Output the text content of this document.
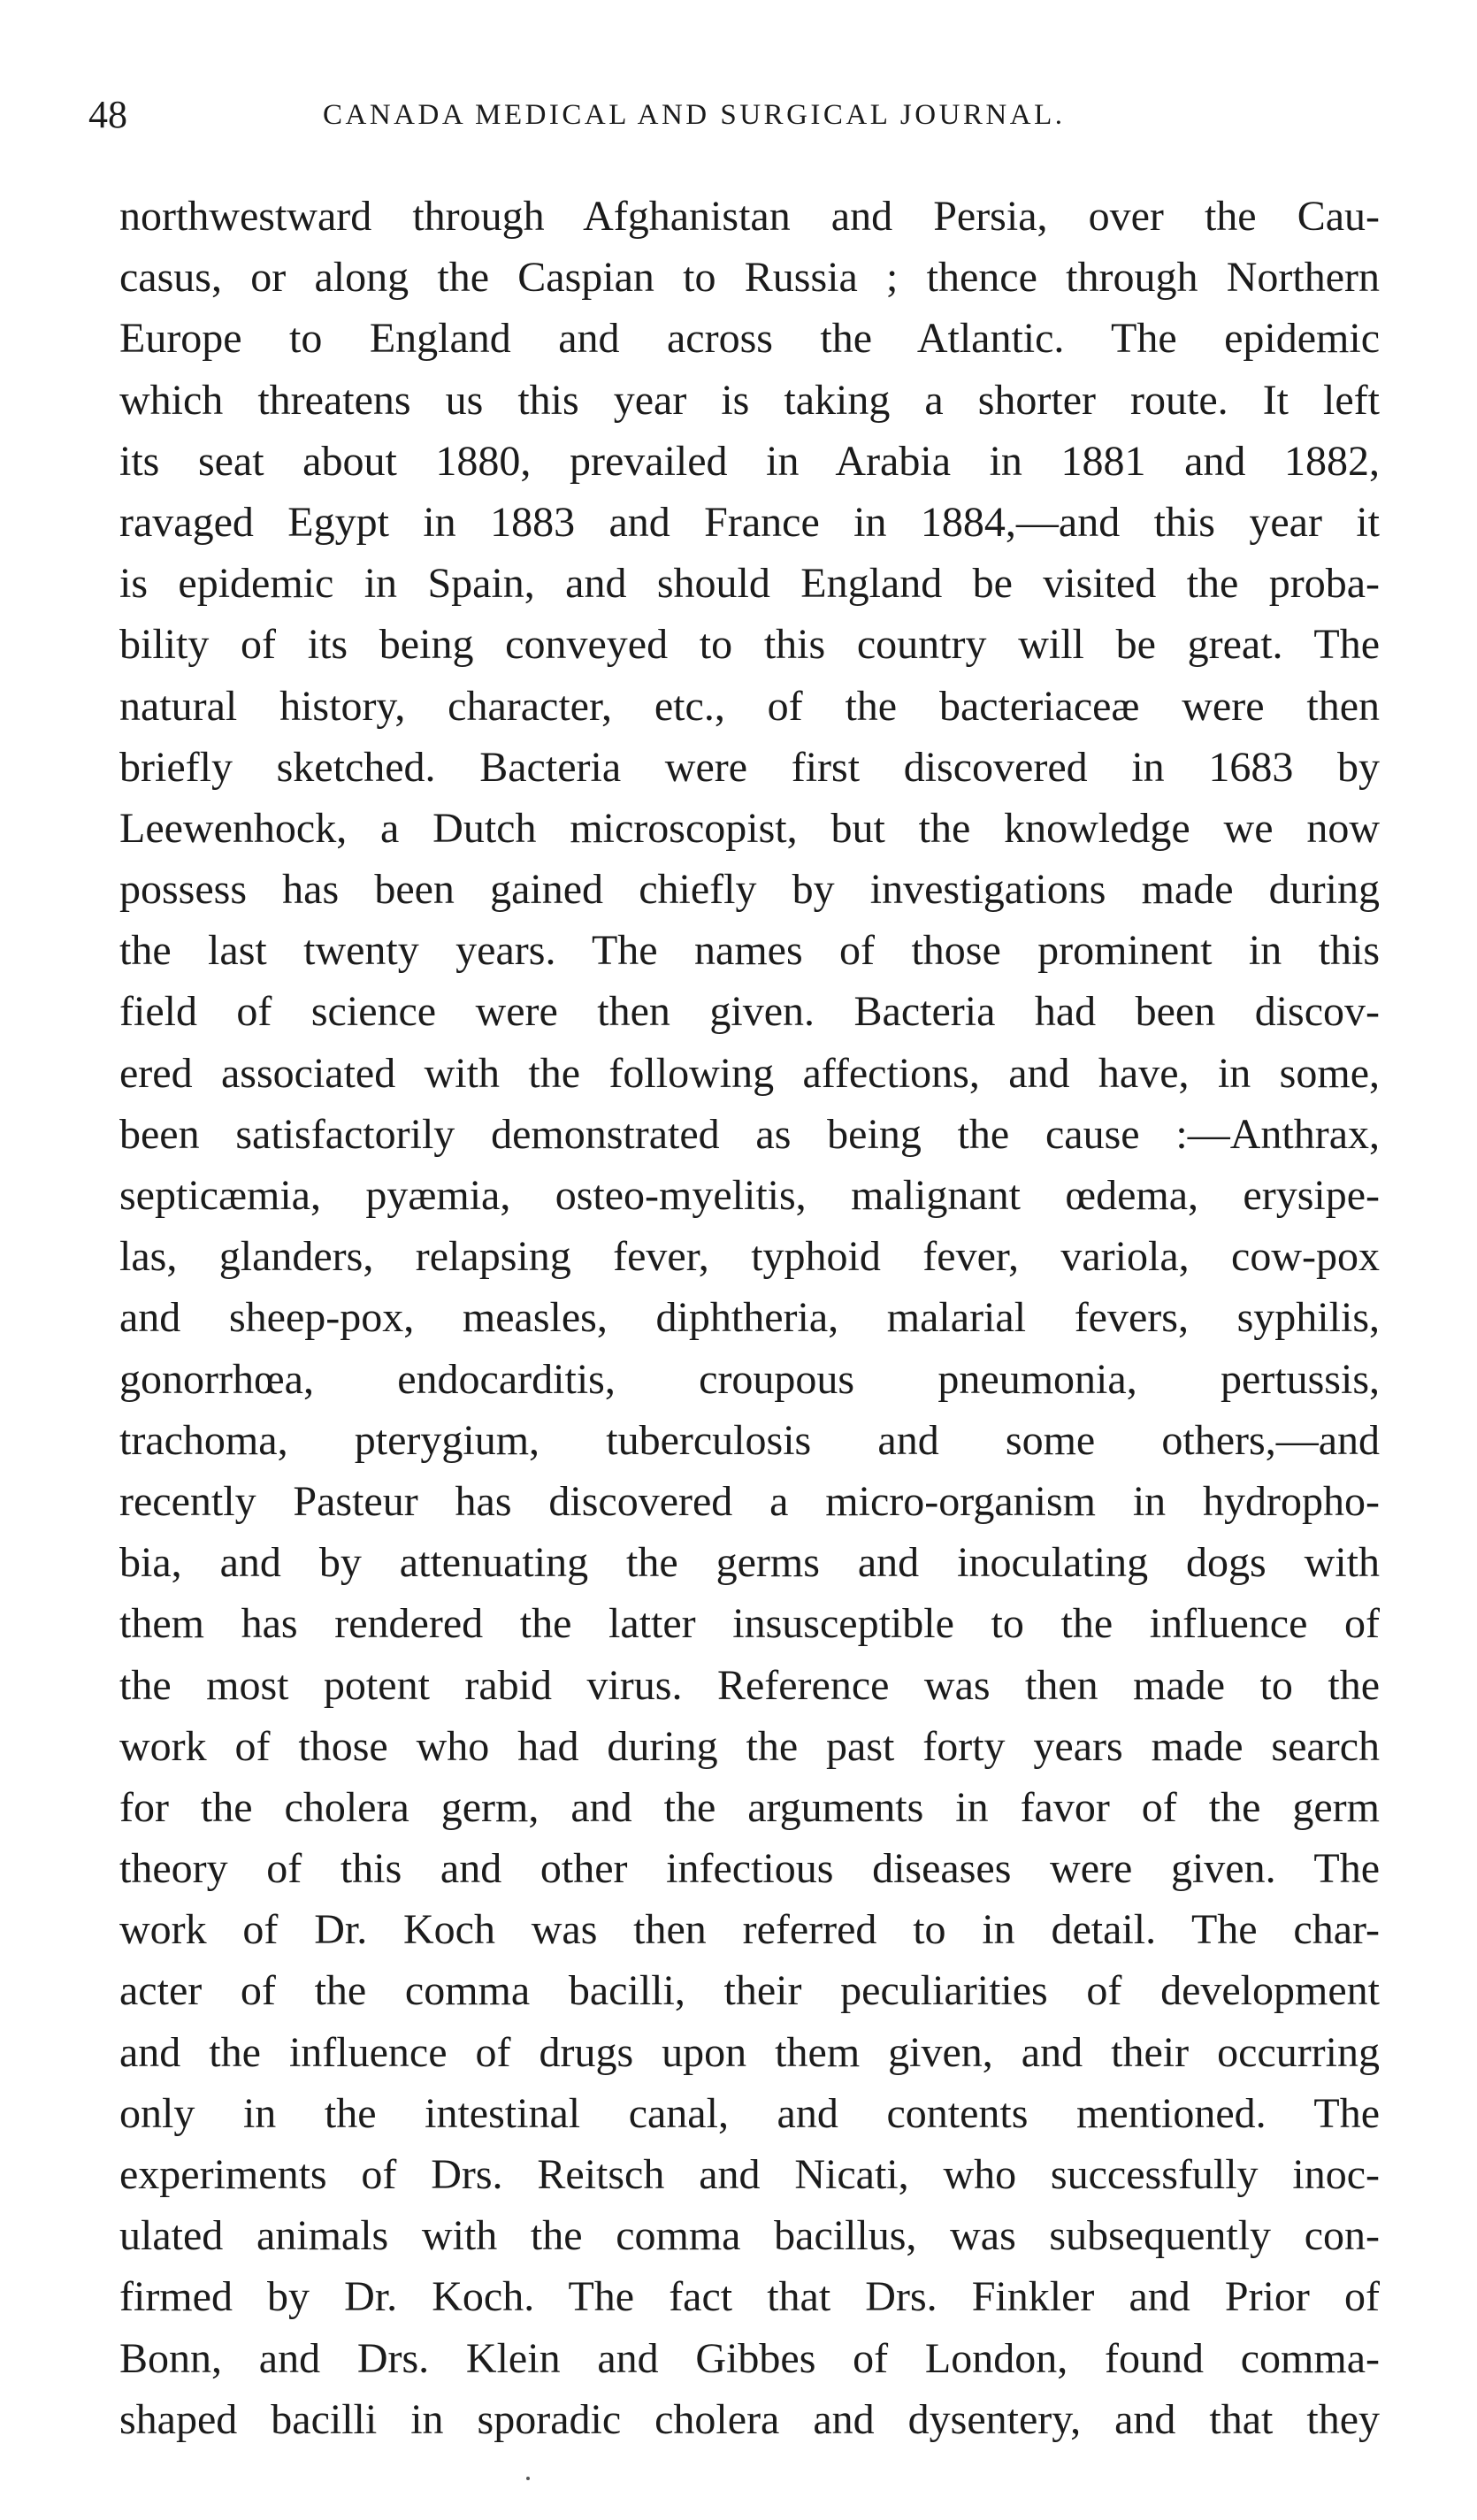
48	CANADA MEDICAL AND SURGICAL JOURNAL.
northwestward through Afghanistan and Persia, over the Cau-
casus, or along the Caspian to Russia ; thence through Northern
Europe to England and across the Atlantic. The epidemic
which threatens us this year is taking a shorter route. It left
its seat about 1880, prevailed in Arabia in 1881 and 1882,
ravaged Egypt in 1883 and France in 1884,—and this year it
is epidemic in Spain, and should England be visited the proba-
bility of its being conveyed to this country will be great. The
natural history, character, etc., of the bacteriaceæ were then
briefly sketched. Bacteria were first discovered in 1683 by
Leewenhock, a Dutch microscopist, but the knowledge we now
possess has been gained chiefly by investigations made during
the last twenty years. The names of those prominent in this
field of science were then given. Bacteria had been discov-
ered associated with the following affections, and have, in some,
been satisfactorily demonstrated as being the cause :—Anthrax,
septicæmia, pyæmia, osteo-myelitis, malignant œdema, erysipe-
las, glanders, relapsing fever, typhoid fever, variola, cow-pox
and sheep-pox, measles, diphtheria, malarial fevers, syphilis,
gonorrhœa, endocarditis, croupous pneumonia, pertussis,
trachoma, pterygium, tuberculosis and some others,—and
recently Pasteur has discovered a micro-organism in hydropho-
bia, and by attenuating the germs and inoculating dogs with
them has rendered the latter insusceptible to the influence of
the most potent rabid virus. Reference was then made to the
work of those who had during the past forty years made search
for the cholera germ, and the arguments in favor of the germ
theory of this and other infectious diseases were given. The
work of Dr. Koch was then referred to in detail. The char-
acter of the comma bacilli, their peculiarities of development
and the influence of drugs upon them given, and their occurring
only in the intestinal canal, and contents mentioned. The
experiments of Drs. Reitsch and Nicati, who successfully inoc-
ulated animals with the comma bacillus, was subsequently con-
firmed by Dr. Koch. The fact that Drs. Finkler and Prior of
Bonn, and Drs. Klein and Gibbes of London, found comma-
shaped bacilli in sporadic cholera and dysentery, and that they
